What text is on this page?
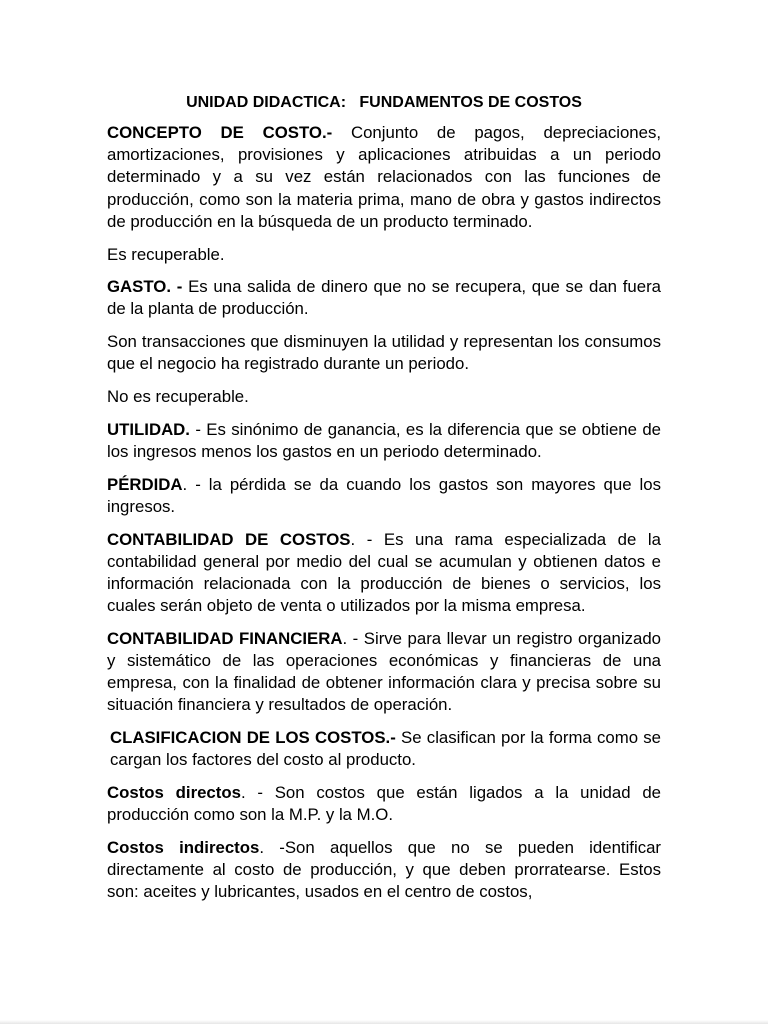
UNIDAD DIDACTICA:   FUNDAMENTOS DE COSTOS

CONCEPTO DE COSTO.- Conjunto de pagos, depreciaciones, amortizaciones, provisiones y aplicaciones atribuidas a un periodo determinado y a su vez están relacionados con las funciones de producción, como son la materia prima, mano de obra y gastos indirectos de producción en la búsqueda de un producto terminado.

Es recuperable.

GASTO. - Es una salida de dinero que no se recupera, que se dan fuera de la planta de producción.

Son transacciones que disminuyen la utilidad y representan los consumos que el negocio ha registrado durante un periodo.

No es recuperable.

UTILIDAD. - Es sinónimo de ganancia, es la diferencia que se obtiene de los ingresos menos los gastos en un periodo determinado.

PÉRDIDA. - la pérdida se da cuando los gastos son mayores que los ingresos.

CONTABILIDAD DE COSTOS. - Es una rama especializada de la contabilidad general por medio del cual se acumulan y obtienen datos e información relacionada con la producción de bienes o servicios, los cuales serán objeto de venta o utilizados por la misma empresa.

CONTABILIDAD FINANCIERA. - Sirve para llevar un registro organizado y sistemático de las operaciones económicas y financieras de una empresa, con la finalidad de obtener información clara y precisa sobre su situación financiera y resultados de operación.

CLASIFICACION DE LOS COSTOS.- Se clasifican por la forma como se cargan los factores del costo al producto.

Costos directos. - Son costos que están ligados a la unidad de producción como son la M.P. y la M.O.

Costos indirectos. -Son aquellos que no se pueden identificar directamente al costo de producción, y que deben prorratearse. Estos son: aceites y lubricantes, usados en el centro de costos,
